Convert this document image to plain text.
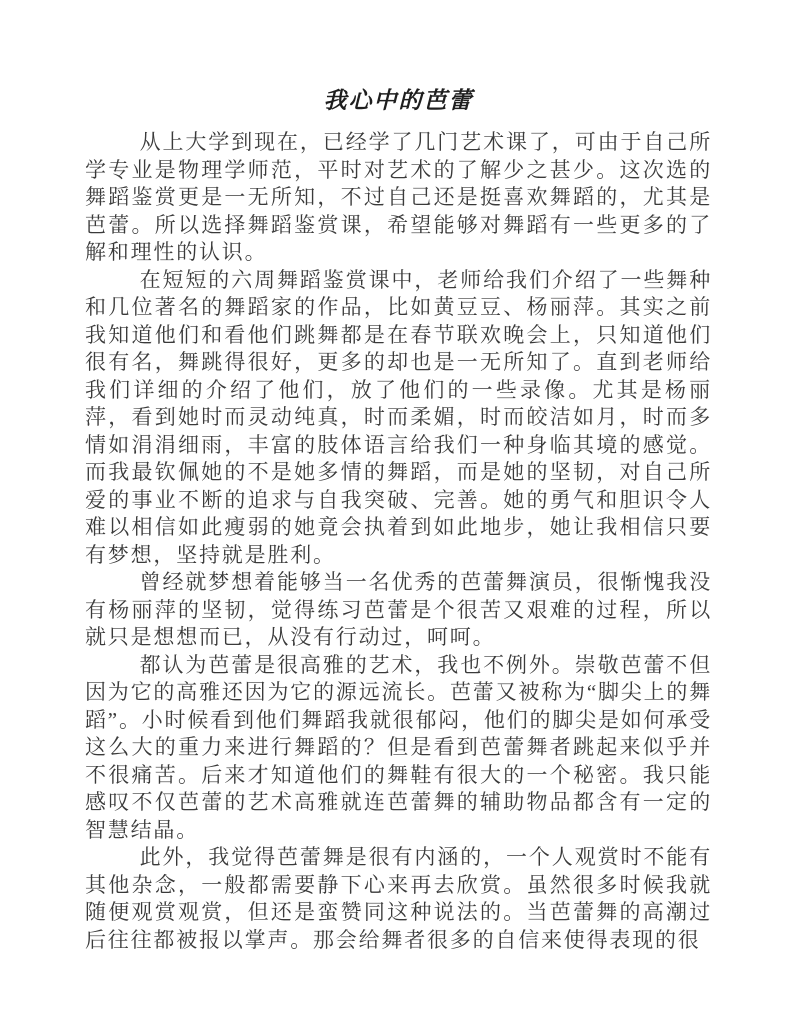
我心中的芭蕾

从上大学到现在，已经学了几门艺术课了，可由于自己所学专业是物理学师范，平时对艺术的了解少之甚少。这次选的舞蹈鉴赏更是一无所知，不过自己还是挺喜欢舞蹈的，尤其是芭蕾。所以选择舞蹈鉴赏课，希望能够对舞蹈有一些更多的了解和理性的认识。

在短短的六周舞蹈鉴赏课中，老师给我们介绍了一些舞种和几位著名的舞蹈家的作品，比如黄豆豆、杨丽萍。其实之前我知道他们和看他们跳舞都是在春节联欢晚会上，只知道他们很有名，舞跳得很好，更多的却也是一无所知了。直到老师给我们详细的介绍了他们，放了他们的一些录像。尤其是杨丽萍，看到她时而灵动纯真，时而柔媚，时而皎洁如月，时而多情如涓涓细雨，丰富的肢体语言给我们一种身临其境的感觉。而我最钦佩她的不是她多情的舞蹈，而是她的坚韧，对自己所爱的事业不断的追求与自我突破、完善。她的勇气和胆识令人难以相信如此瘦弱的她竟会执着到如此地步，她让我相信只要有梦想，坚持就是胜利。

曾经就梦想着能够当一名优秀的芭蕾舞演员，很惭愧我没有杨丽萍的坚韧，觉得练习芭蕾是个很苦又艰难的过程，所以就只是想想而已，从没有行动过，呵呵。

都认为芭蕾是很高雅的艺术，我也不例外。崇敬芭蕾不但因为它的高雅还因为它的源远流长。芭蕾又被称为“脚尖上的舞蹈”。小时候看到他们舞蹈我就很郁闷，他们的脚尖是如何承受这么大的重力来进行舞蹈的？但是看到芭蕾舞者跳起来似乎并不很痛苦。后来才知道他们的舞鞋有很大的一个秘密。我只能感叹不仅芭蕾的艺术高雅就连芭蕾舞的辅助物品都含有一定的智慧结晶。

此外，我觉得芭蕾舞是很有内涵的，一个人观赏时不能有其他杂念，一般都需要静下心来再去欣赏。虽然很多时候我就随便观赏观赏，但还是蛮赞同这种说法的。当芭蕾舞的高潮过后往往都被报以掌声。那会给舞者很多的自信来使得表现的很
